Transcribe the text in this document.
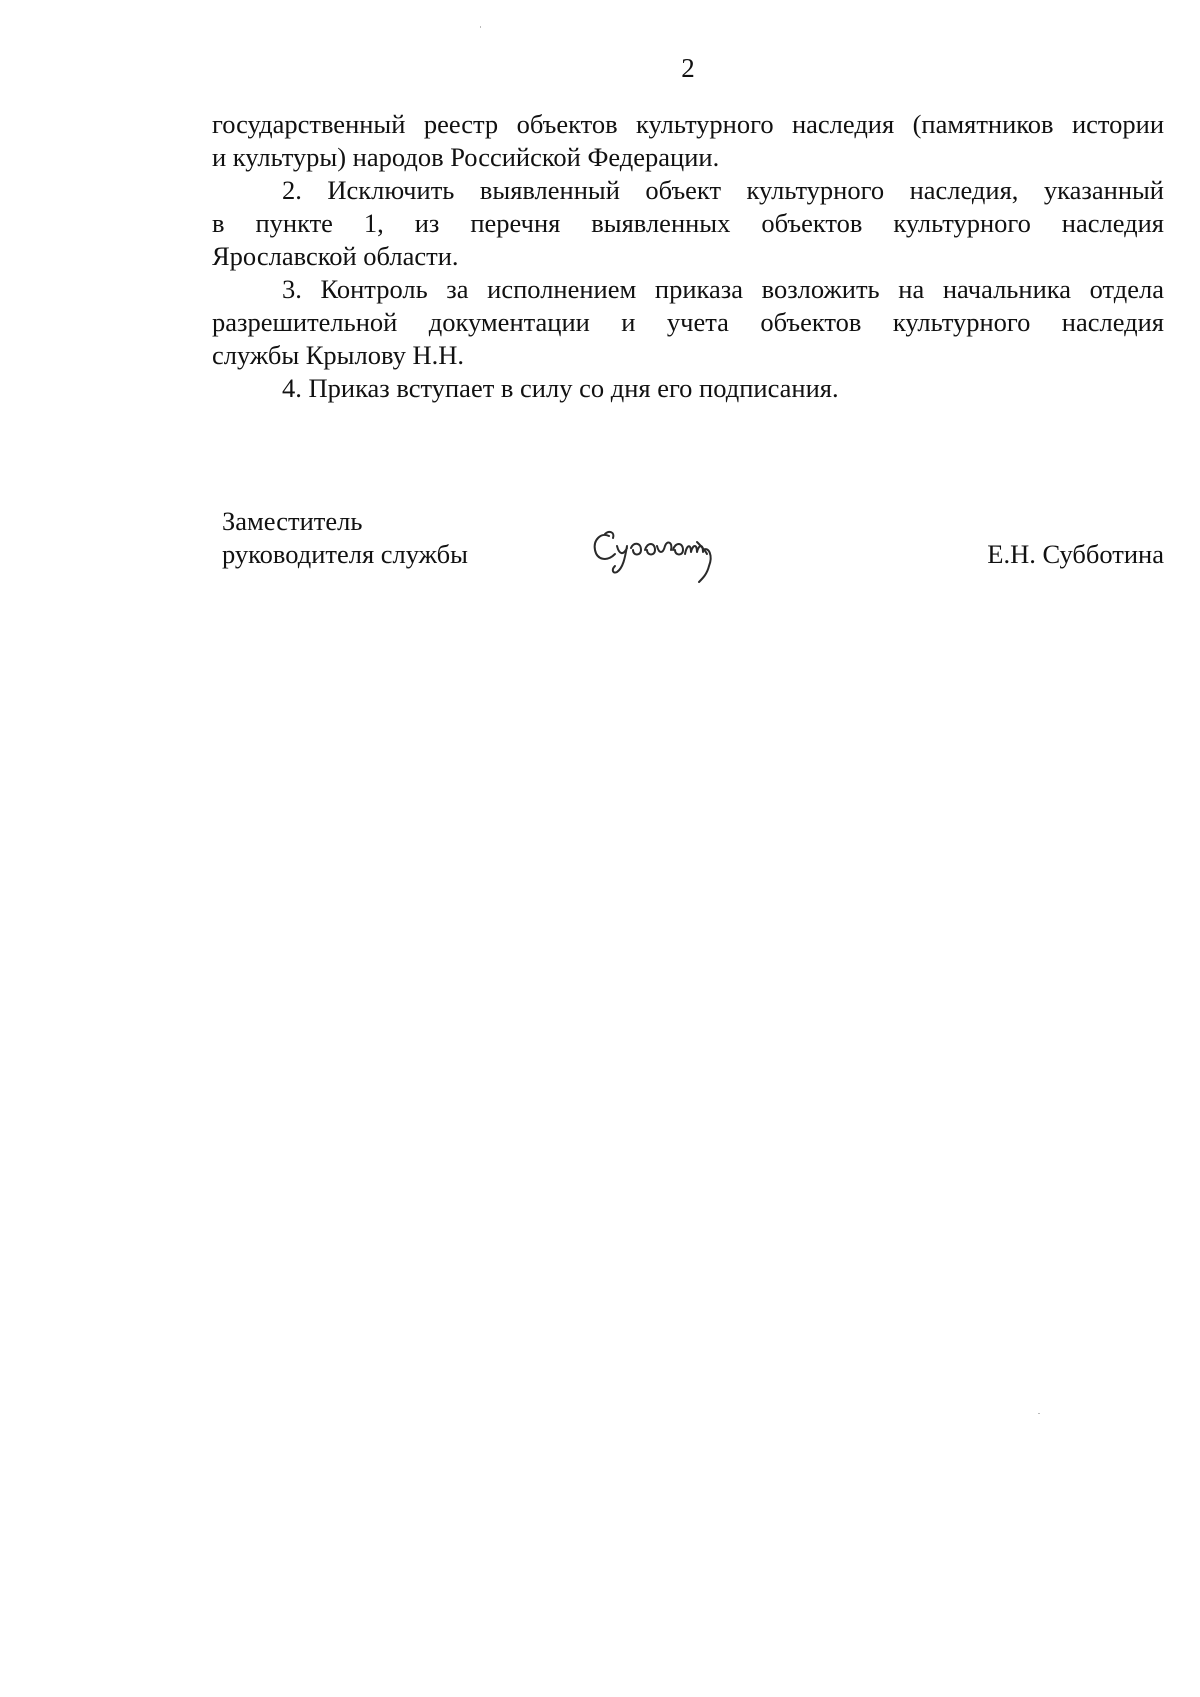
2

государственный реестр объектов культурного наследия (памятников истории
и культуры) народов Российской Федерации.

2. Исключить выявленный объект культурного наследия, указанный
в пункте 1, из перечня выявленных объектов культурного наследия
Ярославской области.

3. Контроль за исполнением приказа возложить на начальника отдела
разрешительной документации и учета объектов культурного наследия
службы Крылову Н.Н.

4. Приказ вступает в силу со дня его подписания.

Заместитель
руководителя службы	Е.Н. Субботина
